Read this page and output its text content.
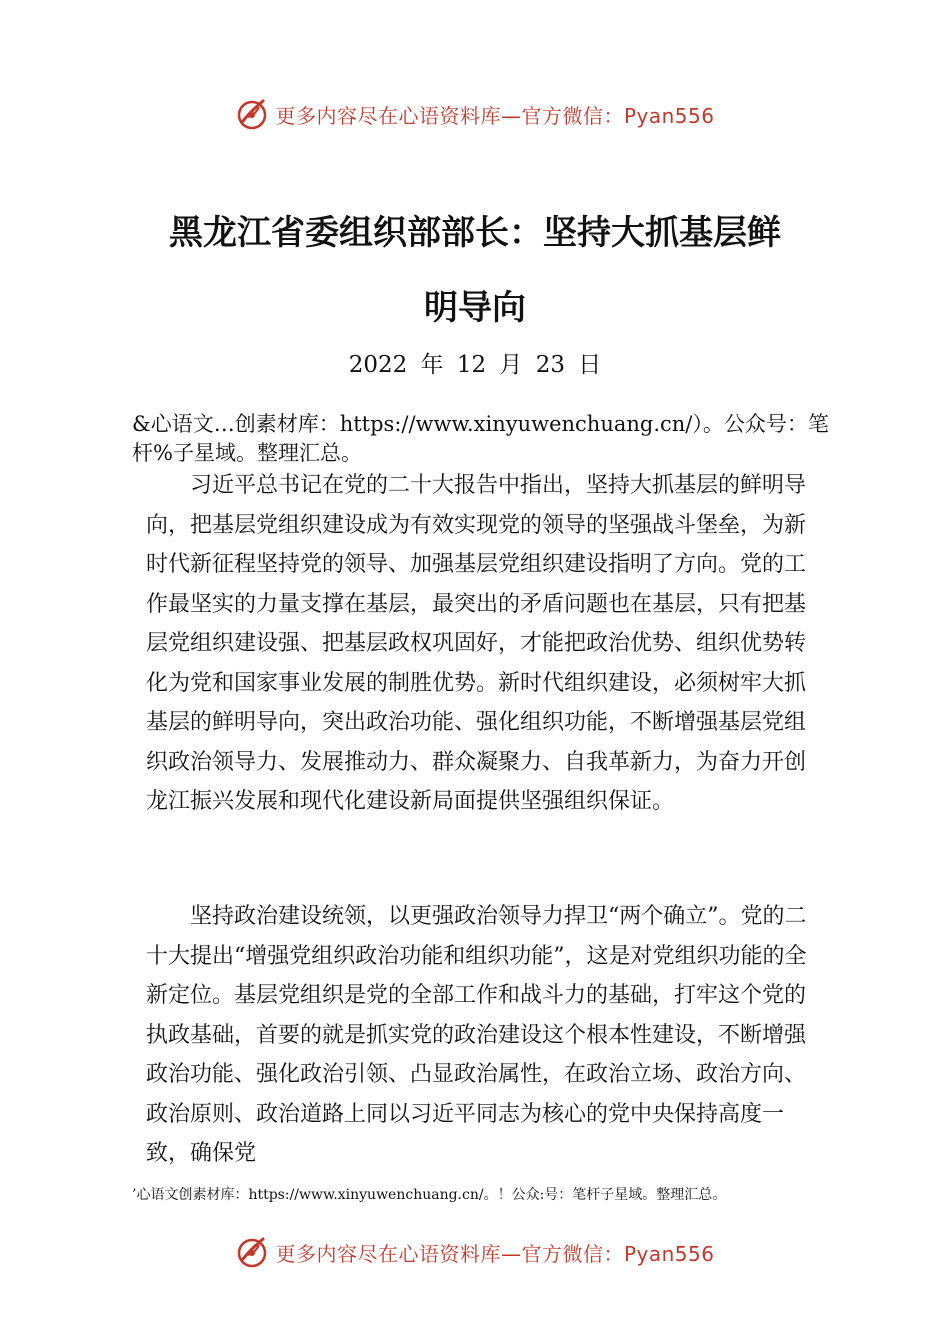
更多内容尽在心语资料库—官方微信：Pyan556
黑龙江省委组织部部长：坚持大抓基层鲜
明导向
2022 年 12 月 23 日
&心语文…创素材库：https://www.xinyuwenchuang.cn/）。公众号：笔杆%子星域。整理汇总。

习近平总书记在党的二十大报告中指出，坚持大抓基层的鲜明导向，把基层党组织建设成为有效实现党的领导的坚强战斗堡垒，为新时代新征程坚持党的领导、加强基层党组织建设指明了方向。党的工作最坚实的力量支撑在基层，最突出的矛盾问题也在基层，只有把基层党组织建设强、把基层政权巩固好，才能把政治优势、组织优势转化为党和国家事业发展的制胜优势。新时代组织建设，必须树牢大抓基层的鲜明导向，突出政治功能、强化组织功能，不断增强基层党组织政治领导力、发展推动力、群众凝聚力、自我革新力，为奋力开创龙江振兴发展和现代化建设新局面提供坚强组织保证。

坚持政治建设统领，以更强政治领导力捍卫“两个确立”。党的二十大提出“增强党组织政治功能和组织功能”，这是对党组织功能的全新定位。基层党组织是党的全部工作和战斗力的基础，打牢这个党的执政基础，首要的就是抓实党的政治建设这个根本性建设，不断增强政治功能、强化政治引领、凸显政治属性，在政治立场、政治方向、政治原则、政治道路上同以习近平同志为核心的党中央保持高度一致，确保党

’心语文创素材库：https://www.xinyuwenchuang.cn/。！公众:号：笔杆子星域。整理汇总。
更多内容尽在心语资料库—官方微信：Pyan556
